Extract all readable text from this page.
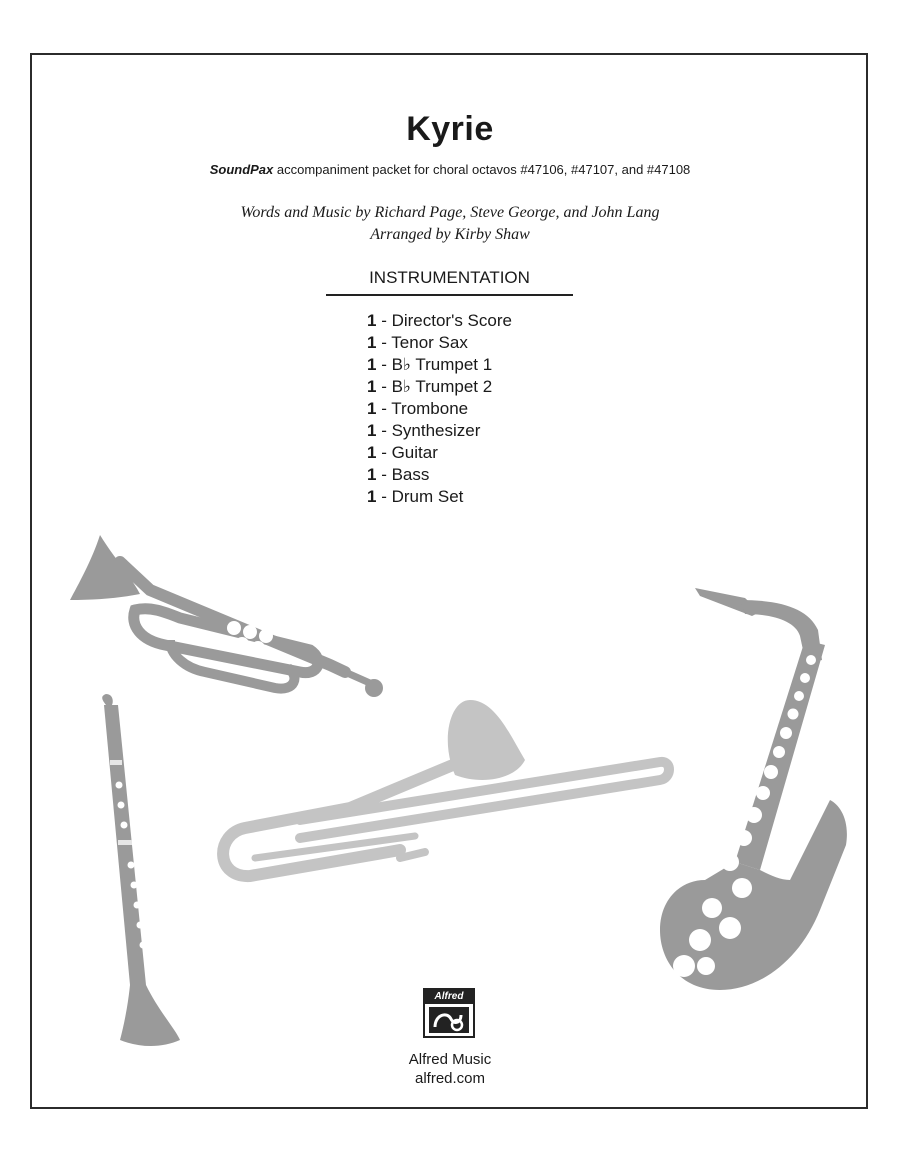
Kyrie
SoundPax accompaniment packet for choral octavos #47106, #47107, and #47108
Words and Music by Richard Page, Steve George, and John Lang
Arranged by Kirby Shaw
INSTRUMENTATION
1 - Director's Score
1 - Tenor Sax
1 - B♭ Trumpet 1
1 - B♭ Trumpet 2
1 - Trombone
1 - Synthesizer
1 - Guitar
1 - Bass
1 - Drum Set
Alfred
Alfred Music
alfred.com
